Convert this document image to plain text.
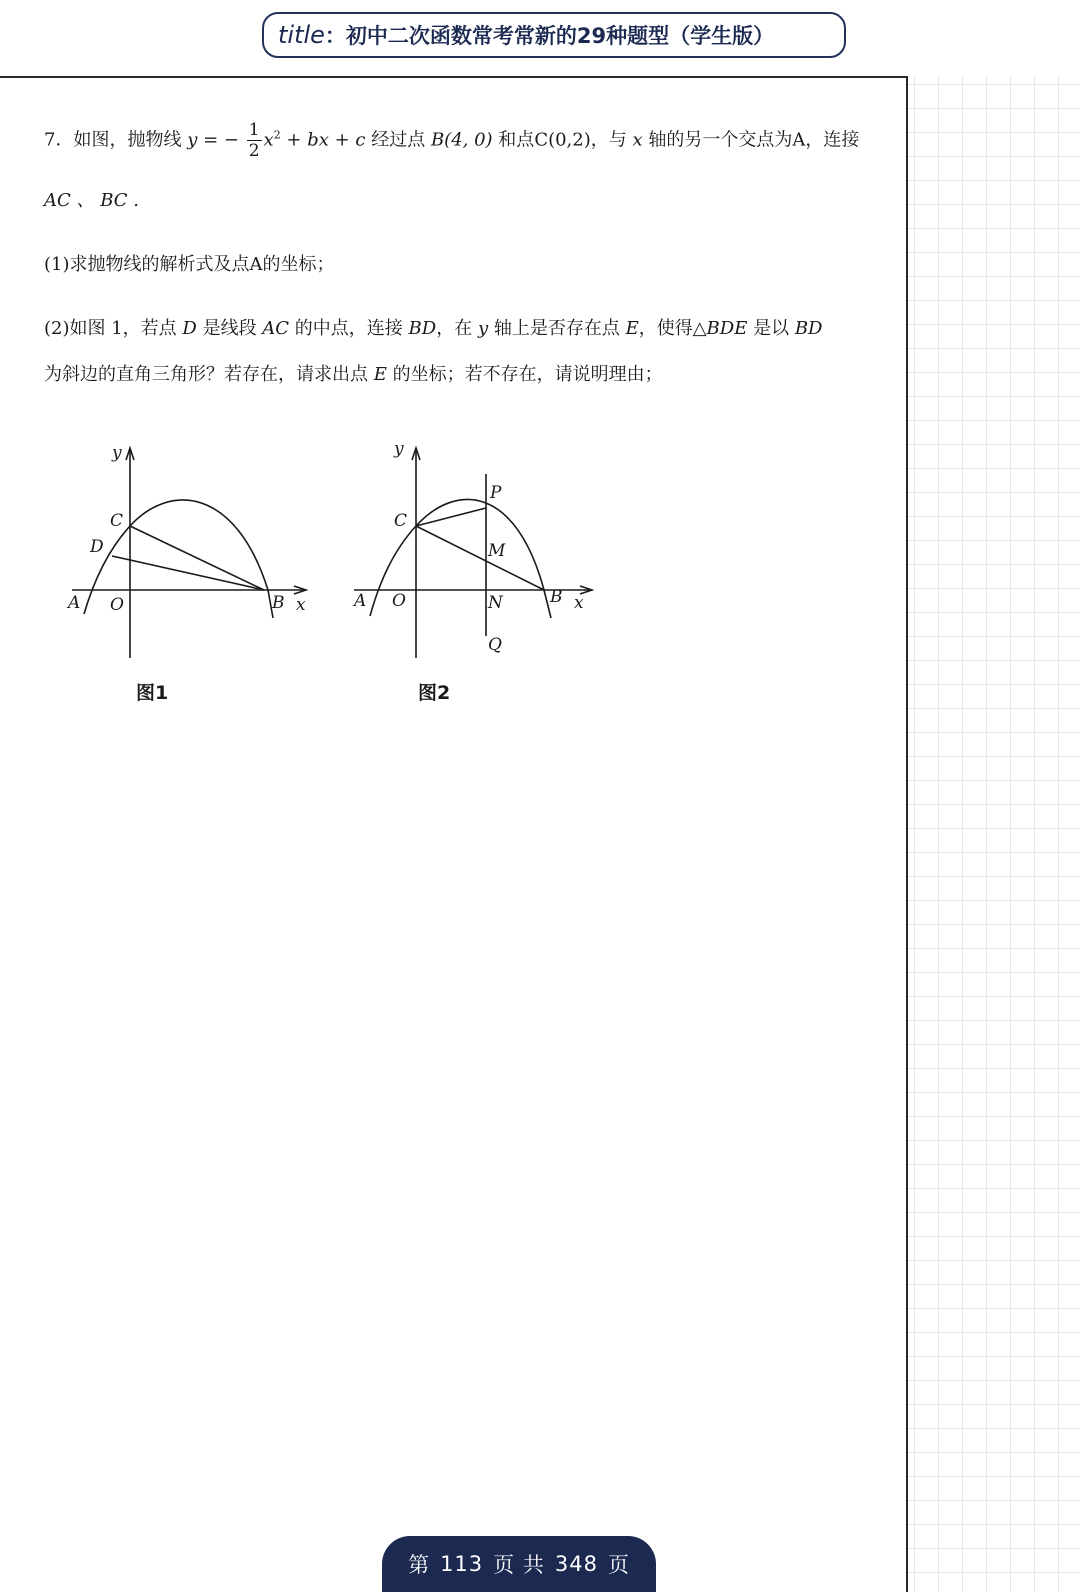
title ： 初中二次函数常考常新的29种题型（学生版）
7．如图，抛物线 y = − $\frac{1}{2} x^2$ + bx + c 经过点 B(4, 0) 和点C(0,2)，与 x 轴的另一个交点为A，连接
AC 、 BC .
(1)求抛物线的解析式及点A的坐标；
(2)如图 1，若点 D 是线段 AC 的中点，连接 BD，在 y 轴上是否存在点 E，使得△BDE 是以 BD
为斜边的直角三角形？若存在，请求出点 E 的坐标；若不存在，请说明理由；
y
x
C
D
A O	B
图1
y
x
C
P
M
A O	N	B
Q
图2
第 113 页 共 348 页
